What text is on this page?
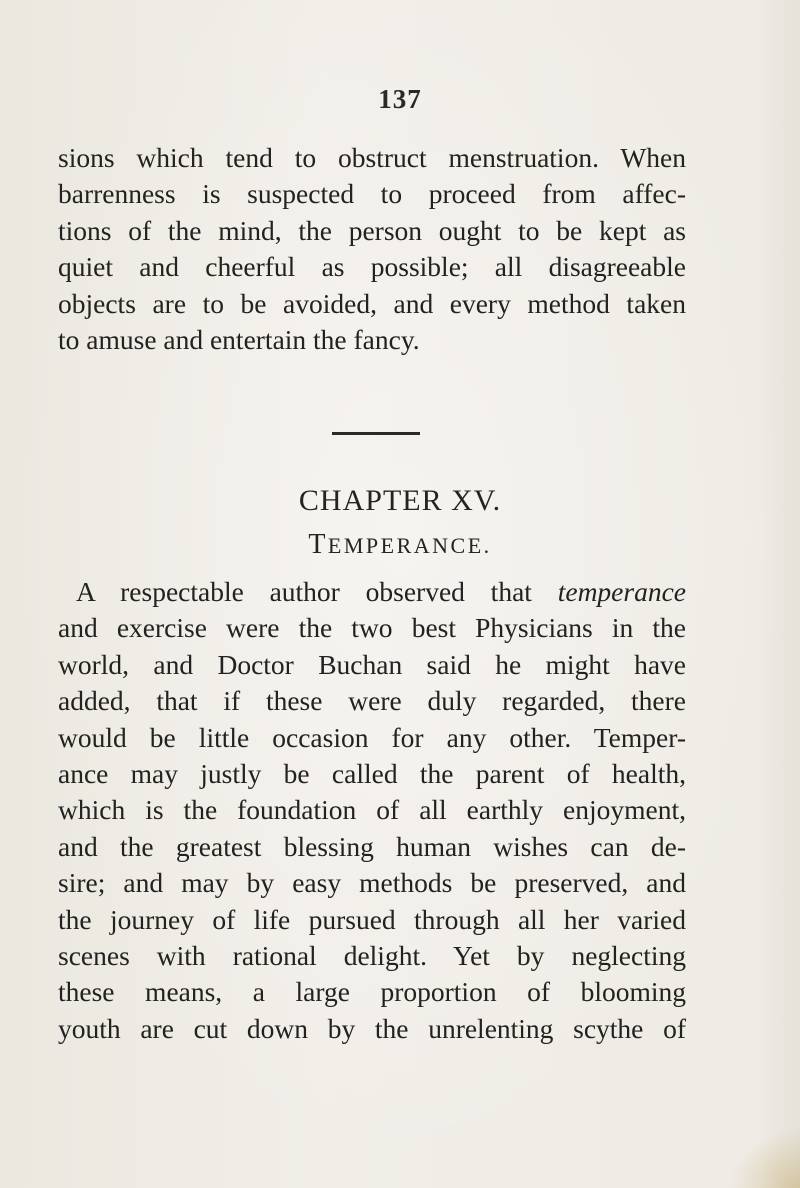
137
sions which tend to obstruct menstruation. When
barrenness is suspected to proceed from affec-
tions of the mind, the person ought to be kept as
quiet and cheerful as possible; all disagreeable
objects are to be avoided, and every method taken
to amuse and entertain the fancy.
CHAPTER XV.
TEMPERANCE.
A respectable author observed that temperance
and exercise were the two best Physicians in the
world, and Doctor Buchan said he might have
added, that if these were duly regarded, there
would be little occasion for any other. Temper-
ance may justly be called the parent of health,
which is the foundation of all earthly enjoyment,
and the greatest blessing human wishes can de-
sire; and may by easy methods be preserved, and
the journey of life pursued through all her varied
scenes with rational delight. Yet by neglecting
these means, a large proportion of blooming
youth are cut down by the unrelenting scythe of
